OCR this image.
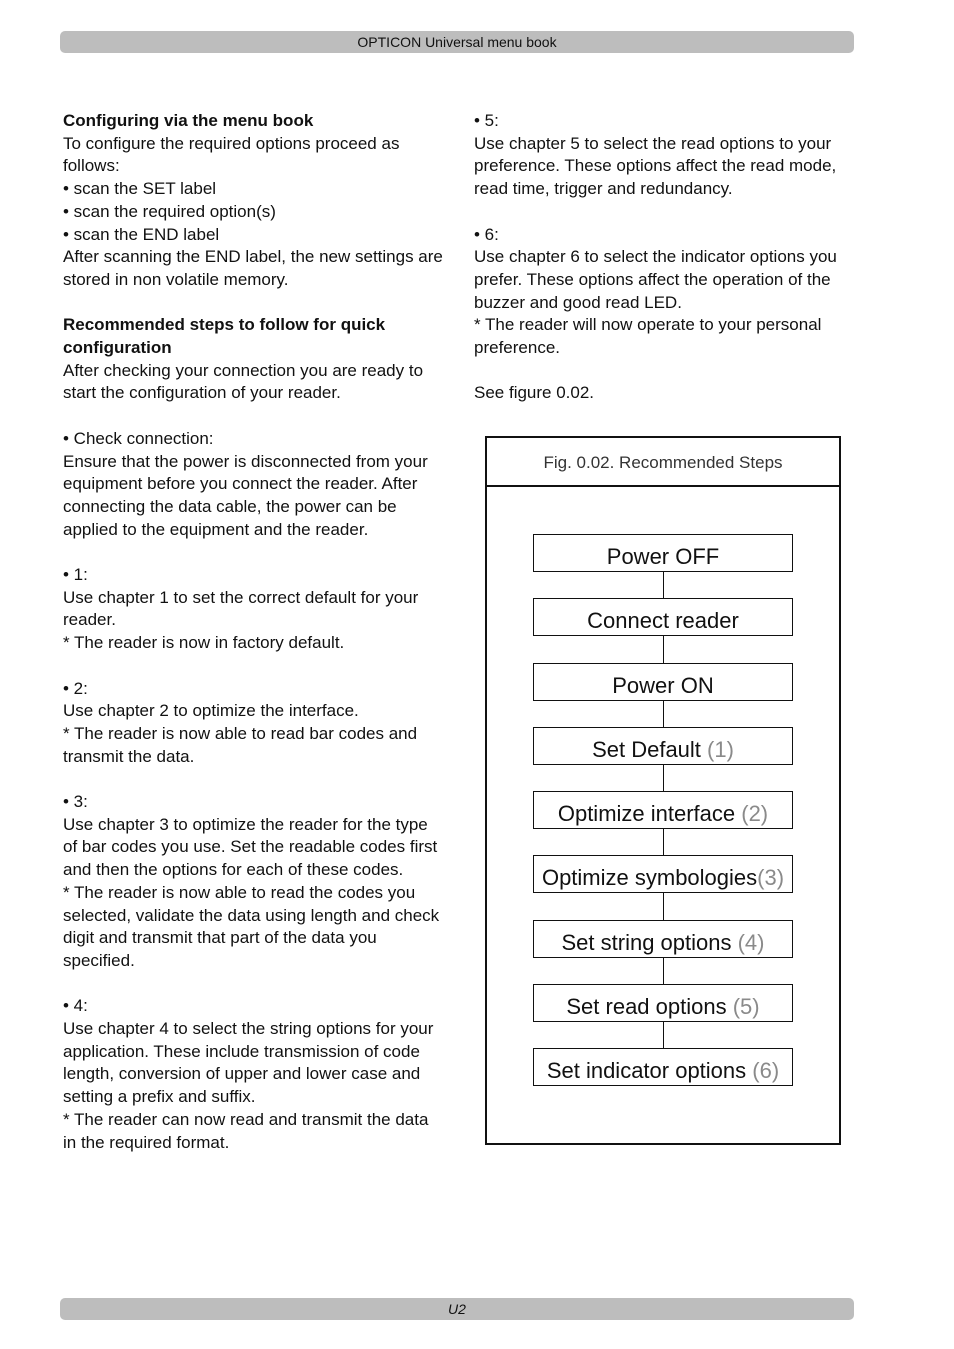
OPTICON Universal menu book

Configuring via the menu book

To configure the required options proceed as follows:

• scan the SET label

• scan the required option(s)

• scan the END label

After scanning the END label, the new settings are stored in non volatile memory.

Recommended steps to follow for quick configuration

After checking your connection you are ready to start the configuration of your reader.

• Check connection:

Ensure that the power is disconnected from your equipment before you connect the reader. After connecting the data cable, the power can be applied to the equipment and the reader.

• 1:

Use chapter 1 to set the correct default for your reader.

* The reader is now in factory default.

• 2:

Use chapter 2 to optimize the interface.

* The reader is now able to read bar codes and transmit the data.

• 3:

Use chapter 3 to optimize the reader for the type of bar codes you use. Set the readable codes first and then the options for each of these codes.

* The reader is now able to read the codes you selected, validate the data using length and check digit and transmit that part of the data you specified.

• 4:

Use chapter 4 to select the string options for your application. These include transmission of code length, conversion of upper and lower case and setting a prefix and suffix.

* The reader can now read and transmit the data in the required format.

• 5:

Use chapter 5 to select the read options to your preference. These options affect the read mode, read time, trigger and redundancy.

• 6:

Use chapter 6 to select the indicator options you prefer. These options affect the operation of the buzzer and good read LED.

* The reader will now operate to your personal preference.

See figure 0.02.

Fig. 0.02. Recommended Steps
Power OFF
Connect reader
Power ON
Set Default (1)
Optimize interface (2)
Optimize symbologies(3)
Set string options (4)
Set read options (5)
Set indicator options (6)
U2
